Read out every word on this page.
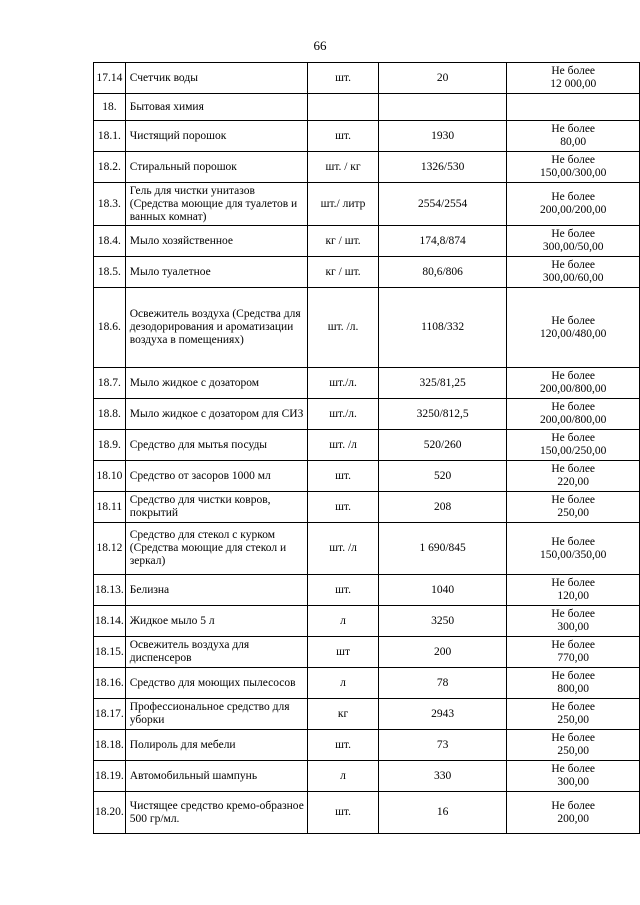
66
17.14	Счетчик воды	шт.	20	Не более
12 000,00

18.	Бытовая химия			

18.1.	Чистящий порошок	шт.	1930	Не более
80,00

18.2.	Стиральный порошок	шт. / кг	1326/530	Не более
150,00/300,00

18.3.	Гель для чистки унитазов (Средства моющие для туалетов и ванных комнат)	шт./ литр	2554/2554	Не более
200,00/200,00

18.4.	Мыло хозяйственное	кг / шт.	174,8/874	Не более
300,00/50,00

18.5.	Мыло туалетное	кг / шт.	80,6/806	Не более
300,00/60,00

18.6.	Освежитель воздуха (Средства для дезодорирования и ароматизации воздуха в помещениях)	шт. /л.	1108/332	Не более
120,00/480,00

18.7.	Мыло жидкое с дозатором	шт./л.	325/81,25	Не более
200,00/800,00

18.8.	Мыло жидкое с дозатором для СИЗ	шт./л.	3250/812,5	Не более
200,00/800,00

18.9.	Средство для мытья посуды	шт. /л	520/260	Не более
150,00/250,00

18.10	Средство от засоров 1000 мл	шт.	520	Не более
220,00

18.11	Средство для чистки ковров, покрытий	шт.	208	Не более
250,00

18.12	Средство для стекол с курком (Средства моющие для стекол и зеркал)	шт. /л	1 690/845	Не более
150,00/350,00

18.13.	Белизна	шт.	1040	Не более
120,00

18.14.	Жидкое мыло 5 л	л	3250	Не более
300,00

18.15.	Освежитель воздуха для диспенсеров	шт	200	Не более
770,00

18.16.	Средство для моющих пылесосов	л	78	Не более
800,00

18.17.	Профессиональное средство для уборки	кг	2943	Не более
250,00

18.18.	Полироль для мебели	шт.	73	Не более
250,00

18.19.	Автомобильный шампунь	л	330	Не более
300,00

18.20.	Чистящее средство кремо-образное 500 гр/мл.	шт.	16	Не более
200,00
